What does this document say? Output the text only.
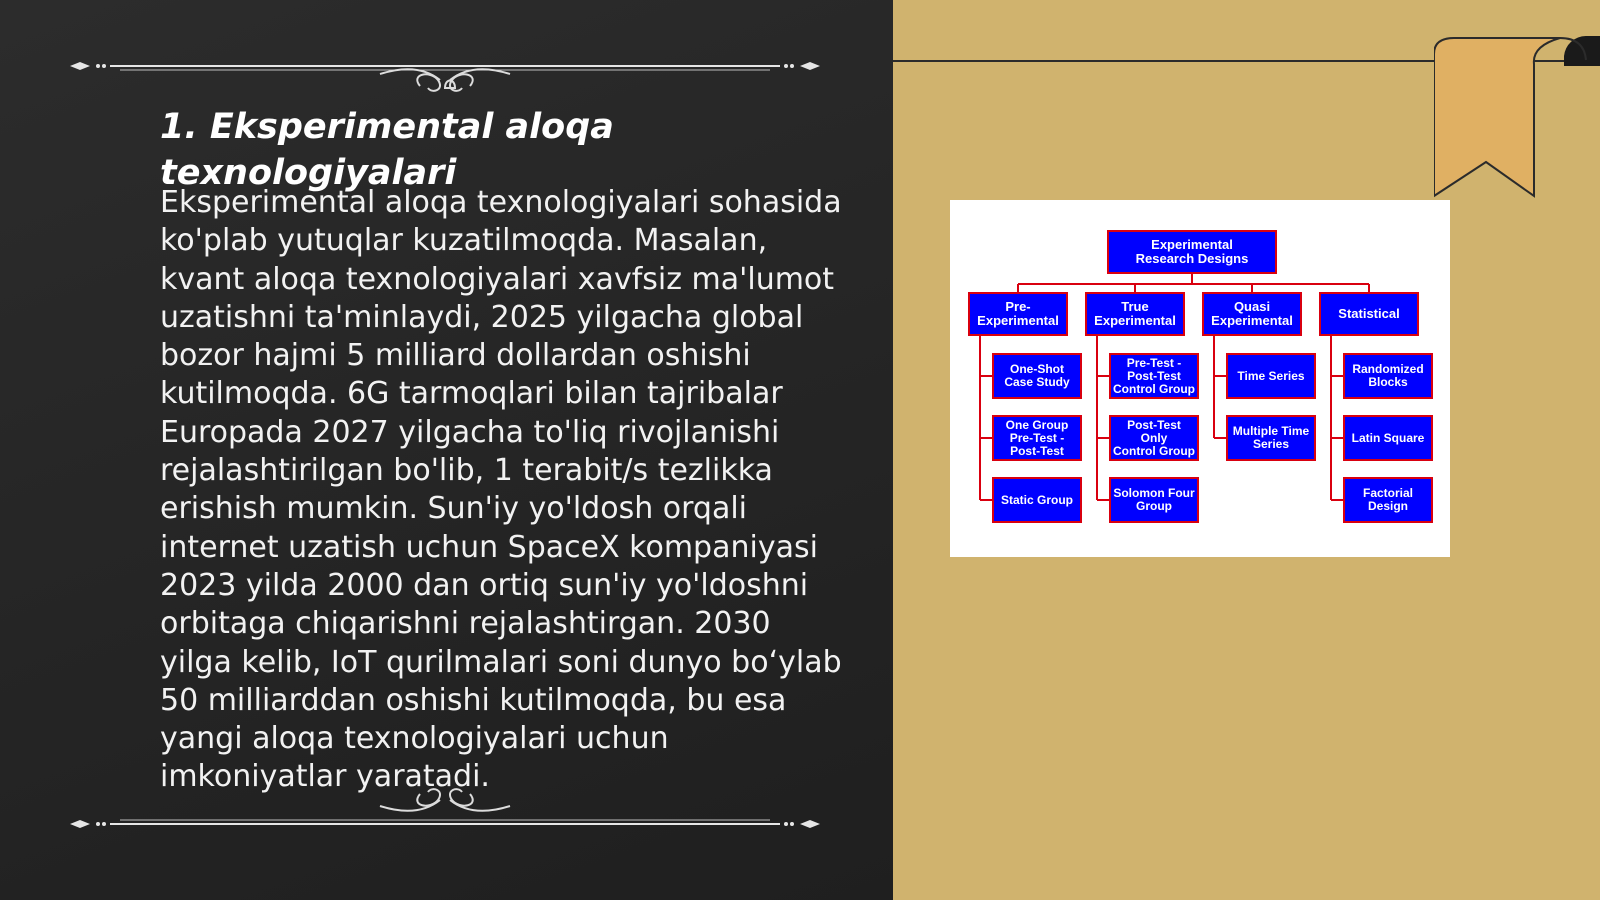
1. Eksperimental aloqa texnologiyalari

Eksperimental aloqa texnologiyalari sohasida ko'plab yutuqlar kuzatilmoqda. Masalan, kvant aloqa texnologiyalari xavfsiz ma'lumot uzatishni ta'minlaydi, 2025 yilgacha global bozor hajmi 5 milliard dollardan oshishi kutilmoqda. 6G tarmoqlari bilan tajribalar Europada 2027 yilgacha to'liq rivojlanishi rejalashtirilgan bo'lib, 1 terabit/s tezlikka erishish mumkin. Sun'iy yo'ldosh orqali internet uzatish uchun SpaceX kompaniyasi 2023 yilda 2000 dan ortiq sun'iy yo'ldoshni orbitaga chiqarishni rejalashtirgan. 2030 yilga kelib, IoT qurilmalari soni dunyo bo‘ylab 50 milliarddan oshishi kutilmoqda, bu esa yangi aloqa texnologiyalari uchun imkoniyatlar yaratadi.

Experimental
Research Designs
Pre-
Experimental
One-Shot
Case Study
One Group
Pre-Test -
Post-Test
Static Group
True
Experimental
Pre-Test -
Post-Test
Control Group
Post-Test Only
Control Group
Solomon Four
Group
Quasi
Experimental
Time Series
Multiple Time
Series
Statistical
Randomized
Blocks
Latin Square
Factorial
Design
